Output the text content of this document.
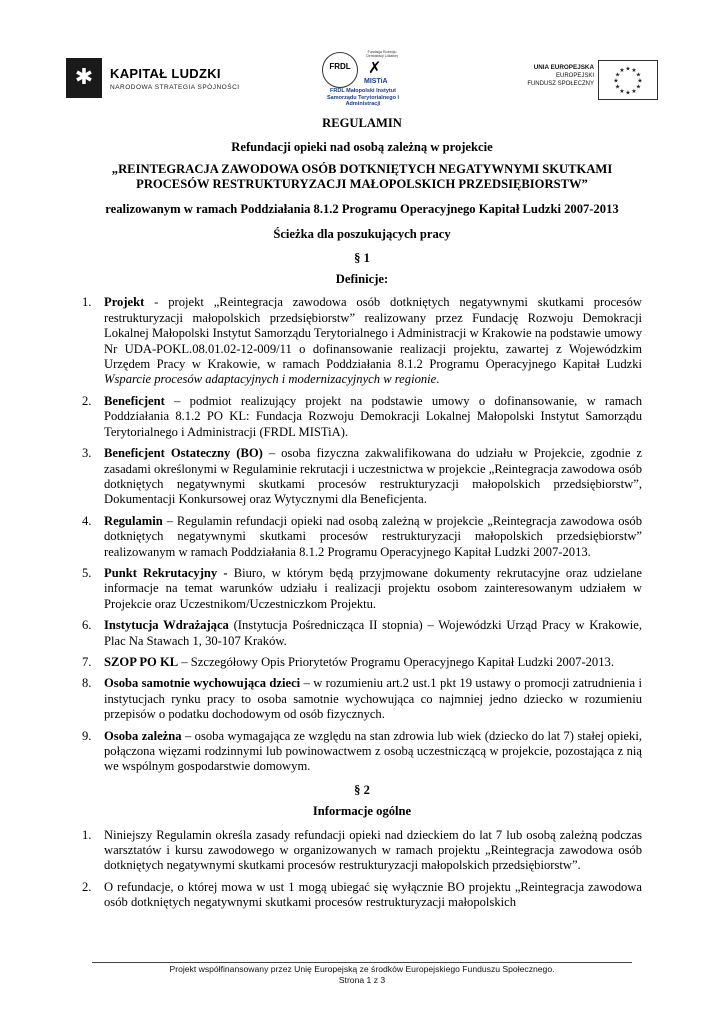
✱ KAPITAŁ LUDZKI
NARODOWA STRATEGIA SPÓJNOŚCI
FRDL
Fundacja Rozwoju Demokracji Lokalnej
✗
MISTiA
FRDL Małopolski Instytut Samorządu Terytorialnego i Administracji
UNIA EUROPEJSKA
EUROPEJSKI
FUNDUSZ SPOŁECZNY	★
★
★
★
★
★
★
★
★ ★ ★
★

REGULAMIN

Refundacji opieki nad osobą zależną w projekcie

„REINTEGRACJA ZAWODOWA OSÓB DOTKNIĘTYCH NEGATYWNYMI SKUTKAMI PROCESÓW RESTRUKTURYZACJI MAŁOPOLSKICH PRZEDSIĘBIORSTW”

realizowanym w ramach Poddziałania 8.1.2 Programu Operacyjnego Kapitał Ludzki 2007-2013

Ścieżka dla poszukujących pracy

§ 1

Definicje:

1. Projekt - projekt „Reintegracja zawodowa osób dotkniętych negatywnymi skutkami procesów restrukturyzacji małopolskich przedsiębiorstw” realizowany przez Fundację Rozwoju Demokracji Lokalnej Małopolski Instytut Samorządu Terytorialnego i Administracji w Krakowie na podstawie umowy Nr UDA-POKL.08.01.02-12-009/11 o dofinansowanie realizacji projektu, zawartej z Wojewódzkim Urzędem Pracy w Krakowie, w ramach Poddziałania 8.1.2 Programu Operacyjnego Kapitał Ludzki Wsparcie procesów adaptacyjnych i modernizacyjnych w regionie.
2. Beneficjent – podmiot realizujący projekt na podstawie umowy o dofinansowanie, w ramach Poddziałania 8.1.2 PO KL: Fundacja Rozwoju Demokracji Lokalnej Małopolski Instytut Samorządu Terytorialnego i Administracji (FRDL MISTiA).
3. Beneficjent Ostateczny (BO) – osoba fizyczna zakwalifikowana do udziału w Projekcie, zgodnie z zasadami określonymi w Regulaminie rekrutacji i uczestnictwa w projekcie „Reintegracja zawodowa osób dotkniętych negatywnymi skutkami procesów restrukturyzacji małopolskich przedsiębiorstw”, Dokumentacji Konkursowej oraz Wytycznymi dla Beneficjenta.
4. Regulamin – Regulamin refundacji opieki nad osobą zależną w projekcie „Reintegracja zawodowa osób dotkniętych negatywnymi skutkami procesów restrukturyzacji małopolskich przedsiębiorstw” realizowanym w ramach Poddziałania 8.1.2 Programu Operacyjnego Kapitał Ludzki 2007-2013.
5. Punkt Rekrutacyjny - Biuro, w którym będą przyjmowane dokumenty rekrutacyjne oraz udzielane informacje na temat warunków udziału i realizacji projektu osobom zainteresowanym udziałem w Projekcie oraz Uczestnikom/Uczestniczkom Projektu.
6. Instytucja Wdrażająca (Instytucja Pośrednicząca II stopnia) – Wojewódzki Urząd Pracy w Krakowie, Plac Na Stawach 1, 30-107 Kraków.
7. SZOP PO KL – Szczegółowy Opis Priorytetów Programu Operacyjnego Kapitał Ludzki 2007-2013.
8. Osoba samotnie wychowująca dzieci – w rozumieniu art.2 ust.1 pkt 19 ustawy o promocji zatrudnienia i instytucjach rynku pracy to osoba samotnie wychowująca co najmniej jedno dziecko w rozumieniu przepisów o podatku dochodowym od osób fizycznych.
9. Osoba zależna – osoba wymagająca ze względu na stan zdrowia lub wiek (dziecko do lat 7) stałej opieki, połączona więzami rodzinnymi lub powinowactwem z osobą uczestniczącą w projekcie, pozostająca z nią we wspólnym gospodarstwie domowym.

§ 2

Informacje ogólne

1. Niniejszy Regulamin określa zasady refundacji opieki nad dzieckiem do lat 7 lub osobą zależną podczas warsztatów i kursu zawodowego w organizowanych w ramach projektu „Reintegracja zawodowa osób dotkniętych negatywnymi skutkami procesów restrukturyzacji małopolskich przedsiębiorstw”.
2. O refundacje, o której mowa w ust 1 mogą ubiegać się wyłącznie BO projektu „Reintegracja zawodowa osób dotkniętych negatywnymi skutkami procesów restrukturyzacji małopolskich
Projekt współfinansowany przez Unię Europejską ze środków Europejskiego Funduszu Społecznego.
Strona 1 z 3
